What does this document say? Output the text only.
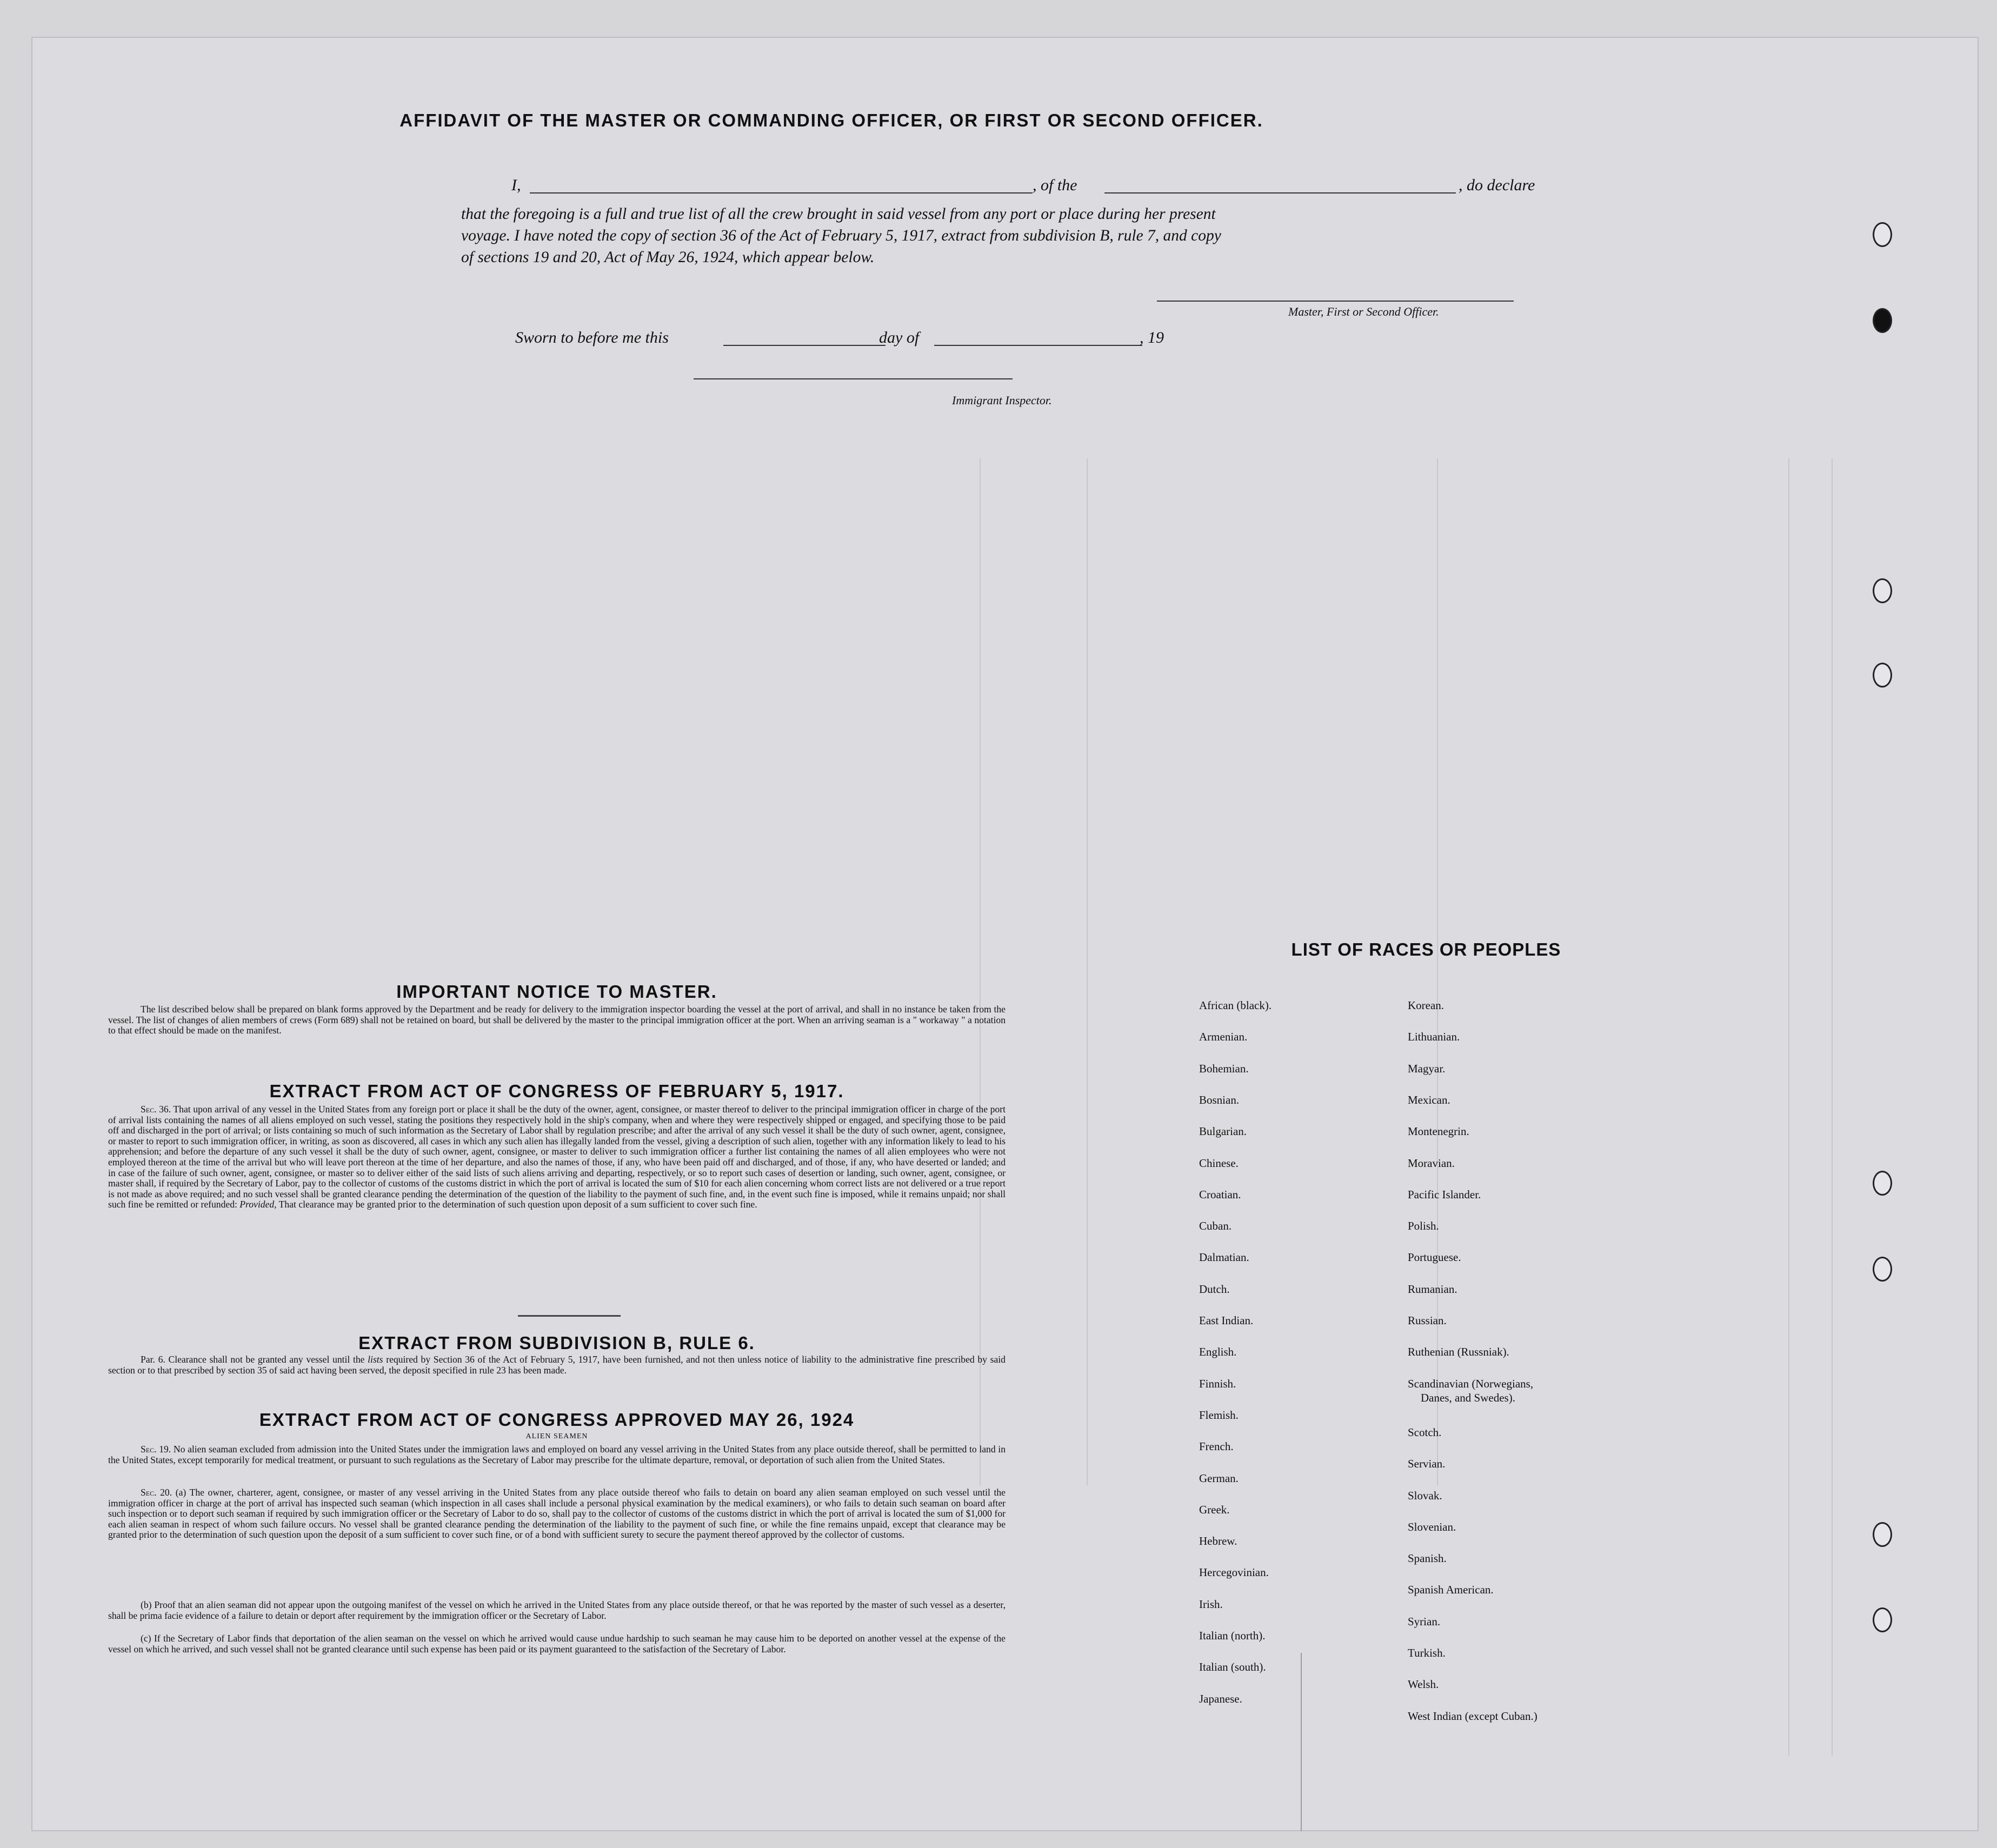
AFFIDAVIT OF THE MASTER OR COMMANDING OFFICER, OR FIRST OR SECOND OFFICER.
I,	, of the	, do declare
that the foregoing is a full and true list of all the crew brought in said vessel from any port or place during her present
voyage. I have noted the copy of section 36 of the Act of February 5, 1917, extract from subdivision B, rule 7, and copy
of sections 19 and 20, Act of May 26, 1924, which appear below.
Master, First or Second Officer.
Sworn to before me this	day of	, 19
Immigrant Inspector.
IMPORTANT NOTICE TO MASTER.

The list described below shall be prepared on blank forms approved by the Department and be ready for delivery to the immigration inspector boarding the vessel at the port of arrival, and shall in no instance be taken from the vessel. The list of changes of alien members of crews (Form 689) shall not be retained on board, but shall be delivered by the master to the principal immigration officer at the port. When an arriving seaman is a " workaway " a notation to that effect should be made on the manifest.

EXTRACT FROM ACT OF CONGRESS OF FEBRUARY 5, 1917.

Sec. 36. That upon arrival of any vessel in the United States from any foreign port or place it shall be the duty of the owner, agent, consignee, or master thereof to deliver to the principal immigration officer in charge of the port of arrival lists containing the names of all aliens employed on such vessel, stating the positions they respectively hold in the ship's company, when and where they were respectively shipped or engaged, and specifying those to be paid off and discharged in the port of arrival; or lists containing so much of such information as the Secretary of Labor shall by regulation prescribe; and after the arrival of any such vessel it shall be the duty of such owner, agent, consignee, or master to report to such immigration officer, in writing, as soon as discovered, all cases in which any such alien has illegally landed from the vessel, giving a description of such alien, together with any information likely to lead to his apprehension; and before the departure of any such vessel it shall be the duty of such owner, agent, consignee, or master to deliver to such immigration officer a further list containing the names of all alien employees who were not employed thereon at the time of the arrival but who will leave port thereon at the time of her departure, and also the names of those, if any, who have been paid off and discharged, and of those, if any, who have deserted or landed; and in case of the failure of such owner, agent, consignee, or master so to deliver either of the said lists of such aliens arriving and departing, respectively, or so to report such cases of desertion or landing, such owner, agent, consignee, or master shall, if required by the Secretary of Labor, pay to the collector of customs of the customs district in which the port of arrival is located the sum of $10 for each alien concerning whom correct lists are not delivered or a true report is not made as above required; and no such vessel shall be granted clearance pending the determination of the question of the liability to the payment of such fine, and, in the event such fine is imposed, while it remains unpaid; nor shall such fine be remitted or refunded: Provided, That clearance may be granted prior to the determination of such question upon deposit of a sum sufficient to cover such fine.

EXTRACT FROM SUBDIVISION B, RULE 6.

Par. 6. Clearance shall not be granted any vessel until the lists required by Section 36 of the Act of February 5, 1917, have been furnished, and not then unless notice of liability to the administrative fine prescribed by said section or to that prescribed by section 35 of said act having been served, the deposit specified in rule 23 has been made.

EXTRACT FROM ACT OF CONGRESS APPROVED MAY 26, 1924
ALIEN SEAMEN

Sec. 19. No alien seaman excluded from admission into the United States under the immigration laws and employed on board any vessel arriving in the United States from any place outside thereof, shall be permitted to land in the United States, except temporarily for medical treatment, or pursuant to such regulations as the Secretary of Labor may prescribe for the ultimate departure, removal, or deportation of such alien from the United States.

Sec. 20. (a) The owner, charterer, agent, consignee, or master of any vessel arriving in the United States from any place outside thereof who fails to detain on board any alien seaman employed on such vessel until the immigration officer in charge at the port of arrival has inspected such seaman (which inspection in all cases shall include a personal physical examination by the medical examiners), or who fails to detain such seaman on board after such inspection or to deport such seaman if required by such immigration officer or the Secretary of Labor to do so, shall pay to the collector of customs of the customs district in which the port of arrival is located the sum of $1,000 for each alien seaman in respect of whom such failure occurs. No vessel shall be granted clearance pending the determination of the liability to the payment of such fine, or while the fine remains unpaid, except that clearance may be granted prior to the determination of such question upon the deposit of a sum sufficient to cover such fine, or of a bond with sufficient surety to secure the payment thereof approved by the collector of customs.

(b) Proof that an alien seaman did not appear upon the outgoing manifest of the vessel on which he arrived in the United States from any place outside thereof, or that he was reported by the master of such vessel as a deserter, shall be prima facie evidence of a failure to detain or deport after requirement by the immigration officer or the Secretary of Labor.

(c) If the Secretary of Labor finds that deportation of the alien seaman on the vessel on which he arrived would cause undue hardship to such seaman he may cause him to be deported on another vessel at the expense of the vessel on which he arrived, and such vessel shall not be granted clearance until such expense has been paid or its payment guaranteed to the satisfaction of the Secretary of Labor.

LIST OF RACES OR PEOPLES
African (black).
Armenian.
Bohemian.
Bosnian.
Bulgarian.
Chinese.
Croatian.
Cuban.
Dalmatian.
Dutch.
East Indian.
English.
Finnish.
Flemish.
French.
German.
Greek.
Hebrew.
Hercegovinian.
Irish.
Italian (north).
Italian (south).
Japanese.
Korean.
Lithuanian.
Magyar.
Mexican.
Montenegrin.
Moravian.
Pacific Islander.
Polish.
Portuguese.
Rumanian.
Russian.
Ruthenian (Russniak).
Scandinavian (Norwegians,
Danes, and Swedes).
Scotch.
Servian.
Slovak.
Slovenian.
Spanish.
Spanish American.
Syrian.
Turkish.
Welsh.
West Indian (except Cuban.)
